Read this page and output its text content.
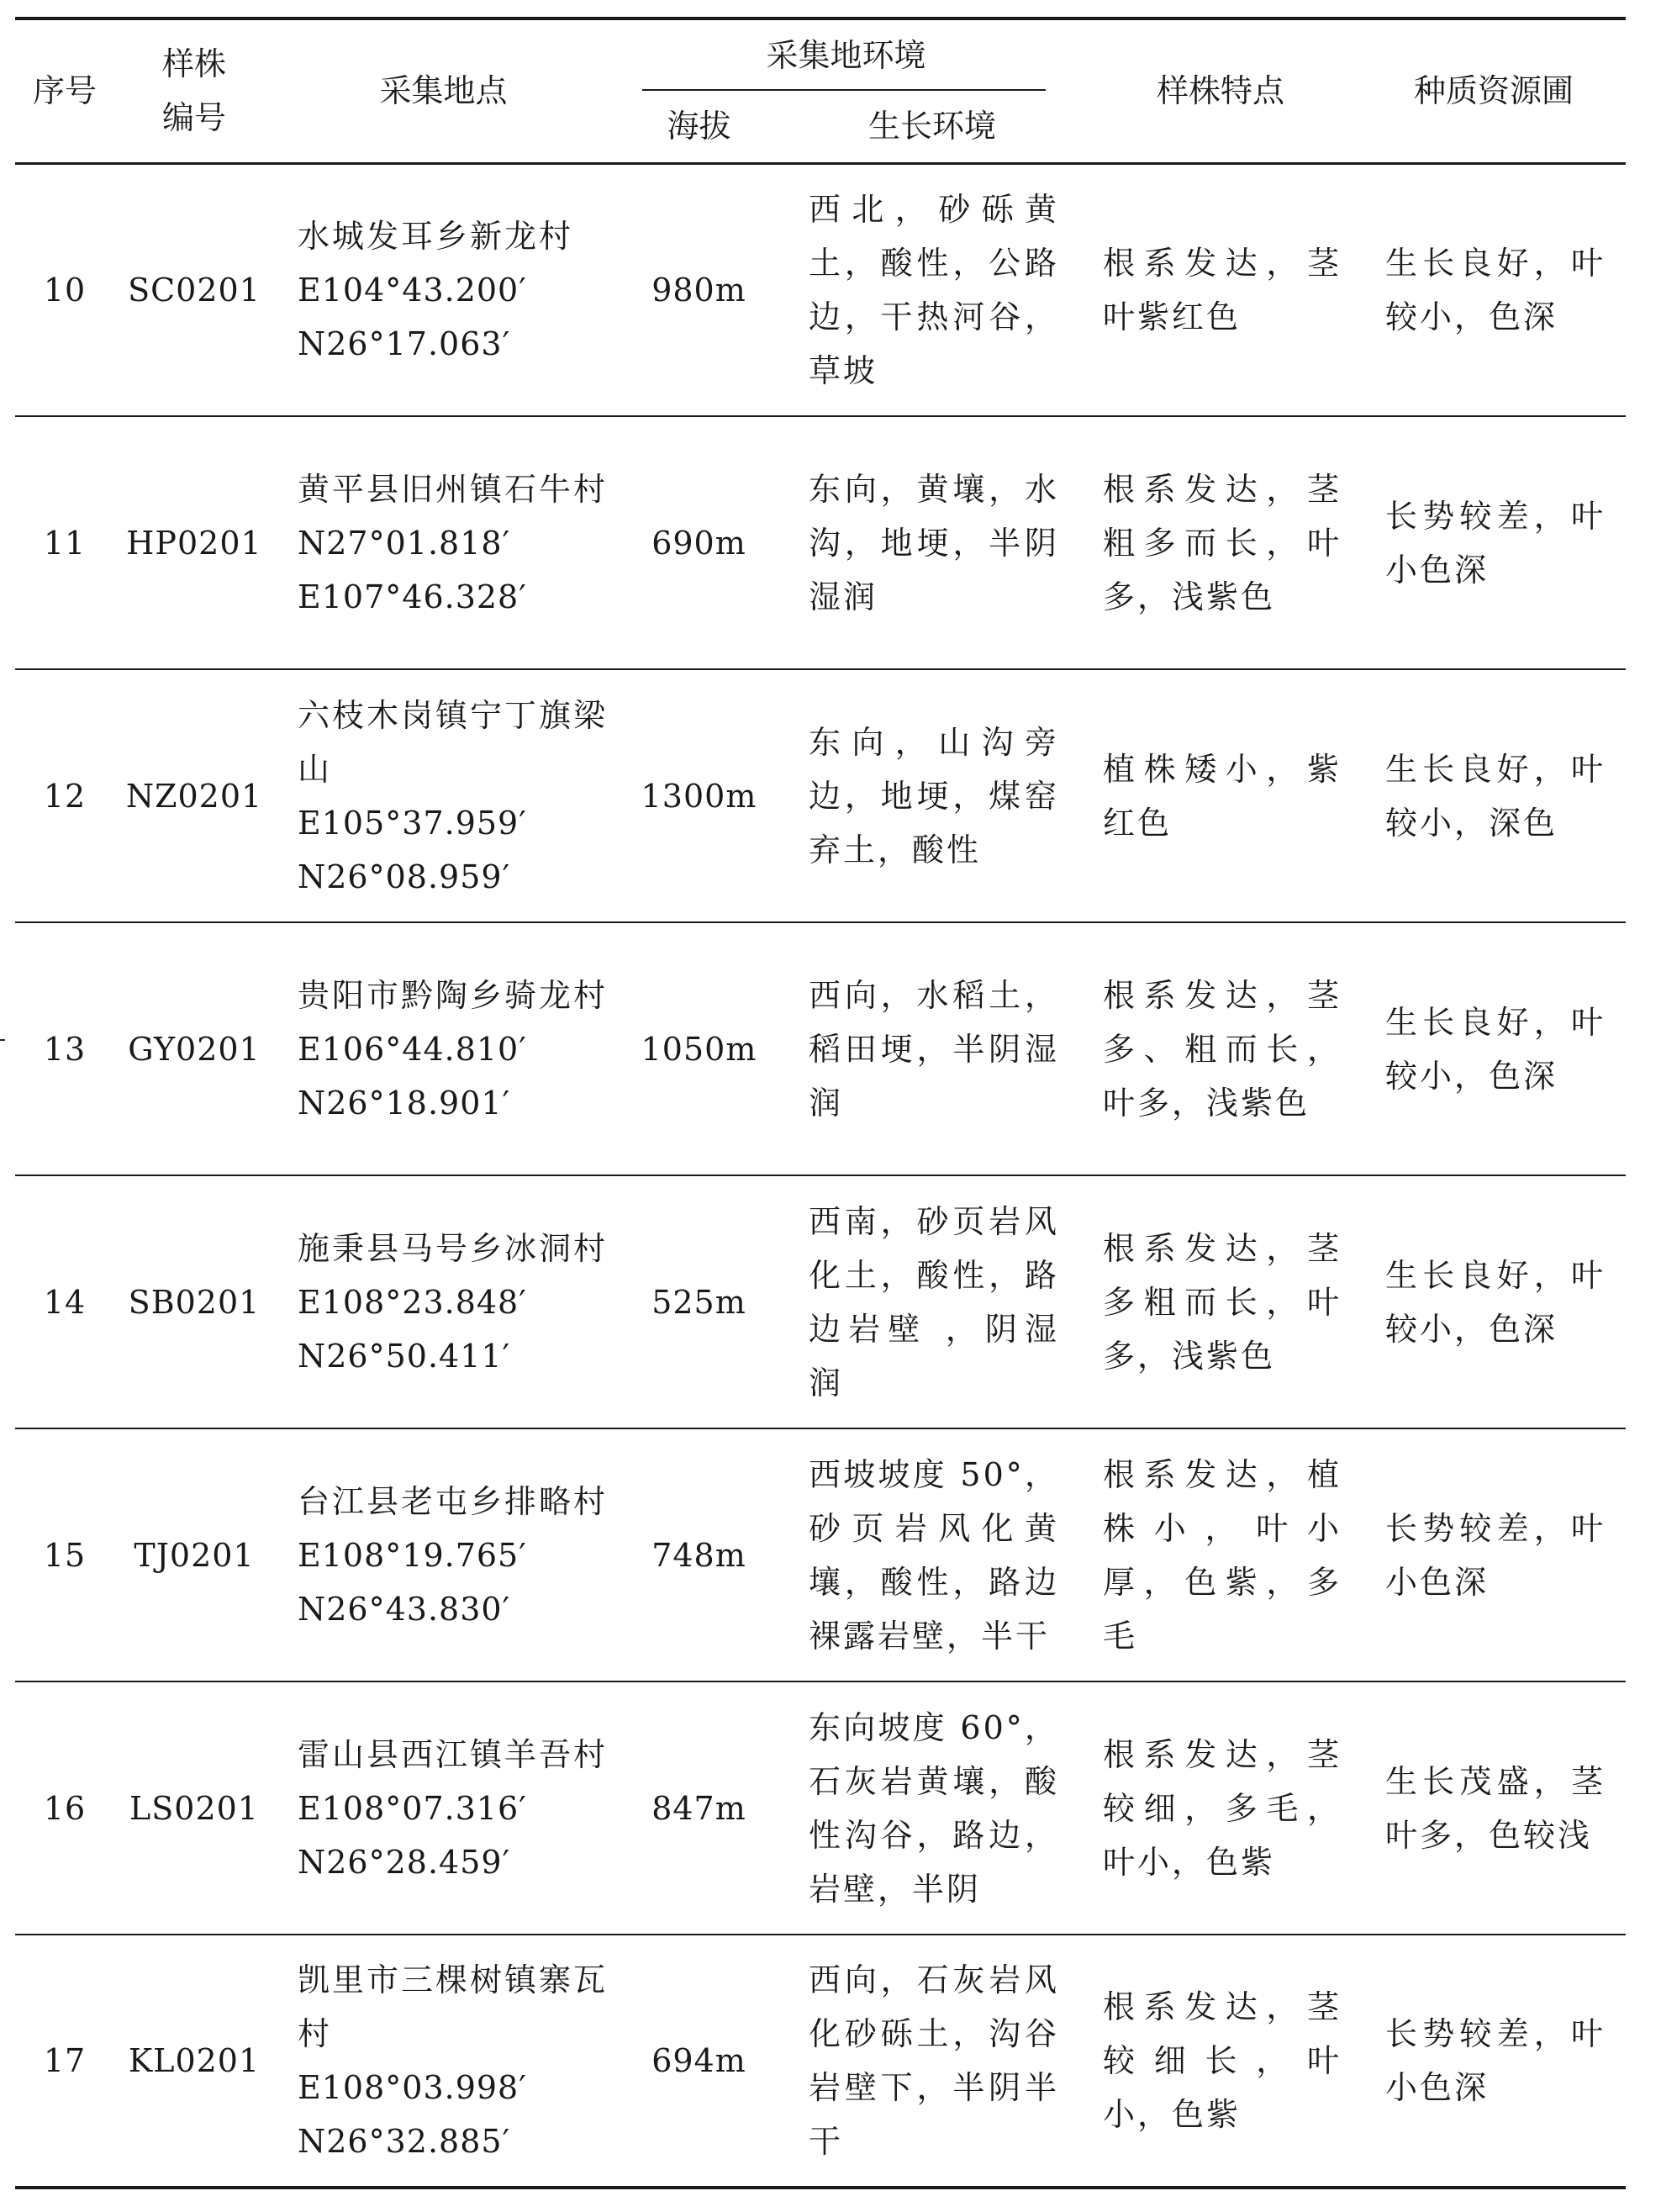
序号	样株
编号	采集地点	采集地环境		样株特点	种质资源圃
			海拔	生长环境		
10	SC0201	水城发耳乡新龙村
E104°43.200′
N26°17.063′	980m	西北，砂砾黄土，酸性，公路边，干热河谷，草坡	根系发达，茎叶紫红色	生长良好，叶较小，色深
11	HP0201	黄平县旧州镇石牛村
N27°01.818′
E107°46.328′	690m	东向，黄壤，水沟，地埂，半阴湿润	根系发达，茎粗多而长，叶多，浅紫色	长势较差，叶小色深
12	NZ0201	六枝木岗镇宁丁旗梁山
E105°37.959′
N26°08.959′	1300m	东向，山沟旁边，地埂，煤窑弃土，酸性	植株矮小，紫红色	生长良好，叶较小，深色
13	GY0201	贵阳市黔陶乡骑龙村
E106°44.810′
N26°18.901′	1050m	西向，水稻土，稻田埂，半阴湿润	根系发达，茎多、粗而长，叶多，浅紫色	生长良好，叶较小，色深
14	SB0201	施秉县马号乡冰洞村
E108°23.848′
N26°50.411′	525m	西南，砂页岩风化土，酸性，路边岩壁 ，阴湿润	根系发达，茎多粗而长，叶多，浅紫色	生长良好，叶较小，色深
15	TJ0201	台江县老屯乡排略村
E108°19.765′
N26°43.830′	748m	西坡坡度 50°，砂页岩风化黄壤，酸性，路边裸露岩壁，半干	根系发达，植株小，叶小厚，色紫，多毛	长势较差，叶小色深
16	LS0201	雷山县西江镇羊吾村
E108°07.316′
N26°28.459′	847m	东向坡度 60°，石灰岩黄壤，酸性沟谷，路边，岩壁，半阴	根系发达，茎较细，多毛，叶小，色紫	生长茂盛，茎叶多，色较浅
17	KL0201	凯里市三棵树镇寨瓦村
E108°03.998′
N26°32.885′	694m	西向，石灰岩风化砂砾土，沟谷岩壁下，半阴半干	根系发达，茎较细长，叶小，色紫	长势较差，叶小色深
